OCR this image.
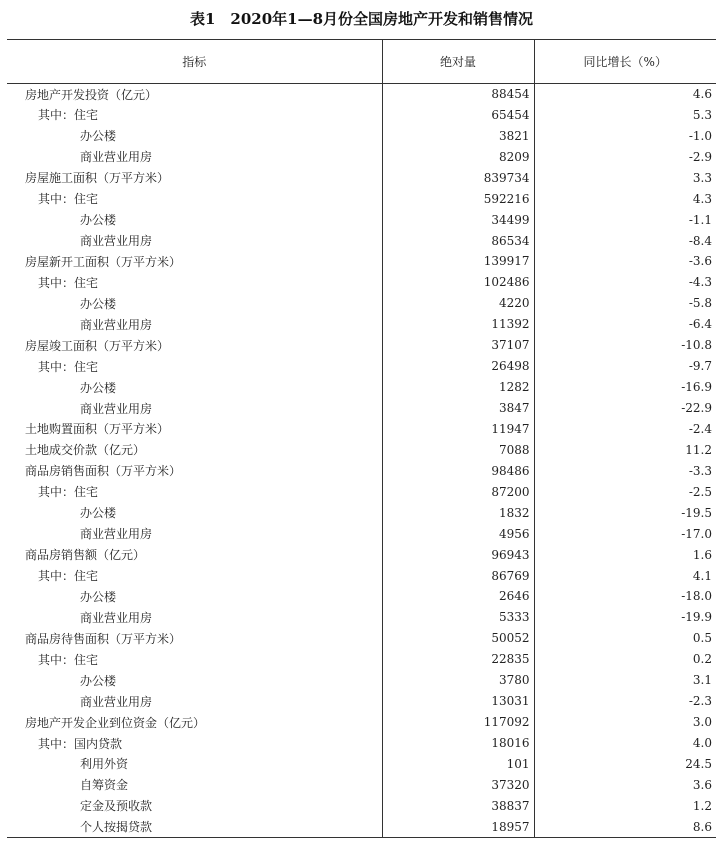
表1　2020年1—8月份全国房地产开发和销售情况
指标	绝对量	同比增长（%）
房地产开发投资（亿元）	88454	4.6
其中：住宅	65454	5.3
办公楼	3821	-1.0
商业营业用房	8209	-2.9
房屋施工面积（万平方米）	839734	3.3
其中：住宅	592216	4.3
办公楼	34499	-1.1
商业营业用房	86534	-8.4
房屋新开工面积（万平方米）	139917	-3.6
其中：住宅	102486	-4.3
办公楼	4220	-5.8
商业营业用房	11392	-6.4
房屋竣工面积（万平方米）	37107	-10.8
其中：住宅	26498	-9.7
办公楼	1282	-16.9
商业营业用房	3847	-22.9
土地购置面积（万平方米）	11947	-2.4
土地成交价款（亿元）	7088	11.2
商品房销售面积（万平方米）	98486	-3.3
其中：住宅	87200	-2.5
办公楼	1832	-19.5
商业营业用房	4956	-17.0
商品房销售额（亿元）	96943	1.6
其中：住宅	86769	4.1
办公楼	2646	-18.0
商业营业用房	5333	-19.9
商品房待售面积（万平方米）	50052	0.5
其中：住宅	22835	0.2
办公楼	3780	3.1
商业营业用房	13031	-2.3
房地产开发企业到位资金（亿元）	117092	3.0
其中：国内贷款	18016	4.0
利用外资	101	24.5
自筹资金	37320	3.6
定金及预收款	38837	1.2
个人按揭贷款	18957	8.6
